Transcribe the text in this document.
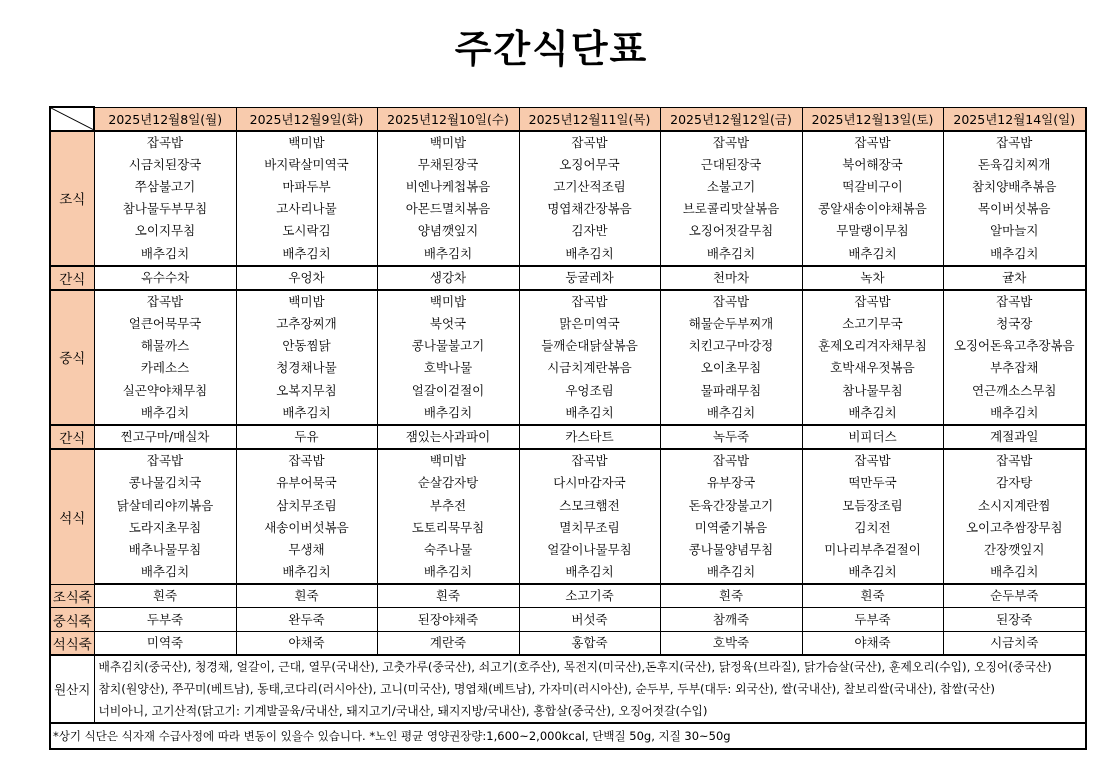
주간식단표
	2025년12월8일(월)	2025년12월9일(화)	2025년12월10일(수)	2025년12월11일(목)	2025년12월12일(금)	2025년12월13일(토)	2025년12월14일(일)
조식	잡곡밥	백미밥	백미밥	잡곡밥	잡곡밥	잡곡밥	잡곡밥
	시금치된장국	바지락살미역국	무채된장국	오징어무국	근대된장국	북어해장국	돈육김치찌개
	쭈삼불고기	마파두부	비엔나케첩볶음	고기산적조림	소불고기	떡갈비구이	참치양배추볶음
	참나물두부무침	고사리나물	아몬드멸치볶음	명엽채간장볶음	브로콜리맛살볶음	콩알새송이야채볶음	목이버섯볶음
	오이지무침	도시락김	양념깻잎지	김자반	오징어젓갈무침	무말랭이무침	알마늘지
	배추김치	배추김치	배추김치	배추김치	배추김치	배추김치	배추김치
간식	옥수수차	우엉차	생강차	둥굴레차	천마차	녹차	귤차
중식	잡곡밥	백미밥	백미밥	잡곡밥	잡곡밥	잡곡밥	잡곡밥
	얼큰어묵무국	고추장찌개	북엇국	맑은미역국	해물순두부찌개	소고기무국	청국장
	해물까스	안동찜닭	콩나물불고기	들깨순대닭살볶음	치킨고구마강정	훈제오리겨자채무침	오징어돈육고추장볶음
	카레소스	청경채나물	호박나물	시금치계란볶음	오이초무침	호박새우젓볶음	부추잡채
	실곤약야채무침	오복지무침	얼갈이겉절이	우엉조림	물파래무침	참나물무침	연근깨소스무침
	배추김치	배추김치	배추김치	배추김치	배추김치	배추김치	배추김치
간식	찐고구마/매실차	두유	잼있는사과파이	카스타트	녹두죽	비피더스	계절과일
석식	잡곡밥	잡곡밥	백미밥	잡곡밥	잡곡밥	잡곡밥	잡곡밥
	콩나물김치국	유부어묵국	순살감자탕	다시마감자국	유부장국	떡만두국	감자탕
	닭살데리야끼볶음	삼치무조림	부추전	스모크햄전	돈육간장불고기	모듬장조림	소시지계란찜
	도라지초무침	새송이버섯볶음	도토리묵무침	멸치무조림	미역줄기볶음	김치전	오이고추쌈장무침
	배추나물무침	무생채	숙주나물	얼갈이나물무침	콩나물양념무침	미나리부추겉절이	간장깻잎지
	배추김치	배추김치	배추김치	배추김치	배추김치	배추김치	배추김치
조식죽	흰죽	흰죽	흰죽	소고기죽	흰죽	흰죽	순두부죽
중식죽	두부죽	완두죽	된장야채죽	버섯죽	참깨죽	두부죽	된장죽
석식죽	미역죽	야채죽	계란죽	홍합죽	호박죽	야채죽	시금치죽
원산지	배추김치(중국산), 청경채, 얼갈이, 근대, 열무(국내산), 고춧가루(중국산), 쇠고기(호주산), 목전지(미국산),돈후지(국산), 닭정육(브라질), 닭가슴살(국산), 훈제오리(수입), 오징어(중국산)						
	참치(원양산), 쭈꾸미(베트남), 동태,코다리(러시아산), 고니(미국산), 명엽채(베트남), 가자미(러시아산), 순두부, 두부(대두: 외국산), 쌀(국내산), 찰보리쌀(국내산), 찹쌀(국산)						
	너비아니, 고기산적(닭고기: 기계발골육/국내산, 돼지고기/국내산, 돼지지방/국내산), 홍합살(중국산), 오징어젓갈(수입)						
*상기 식단은 식자재 수급사정에 따라 변동이 있을수 있습니다. *노인 평균 영양권장량:1,600~2,000kcal, 단백질 50g, 지질 30~50g							
